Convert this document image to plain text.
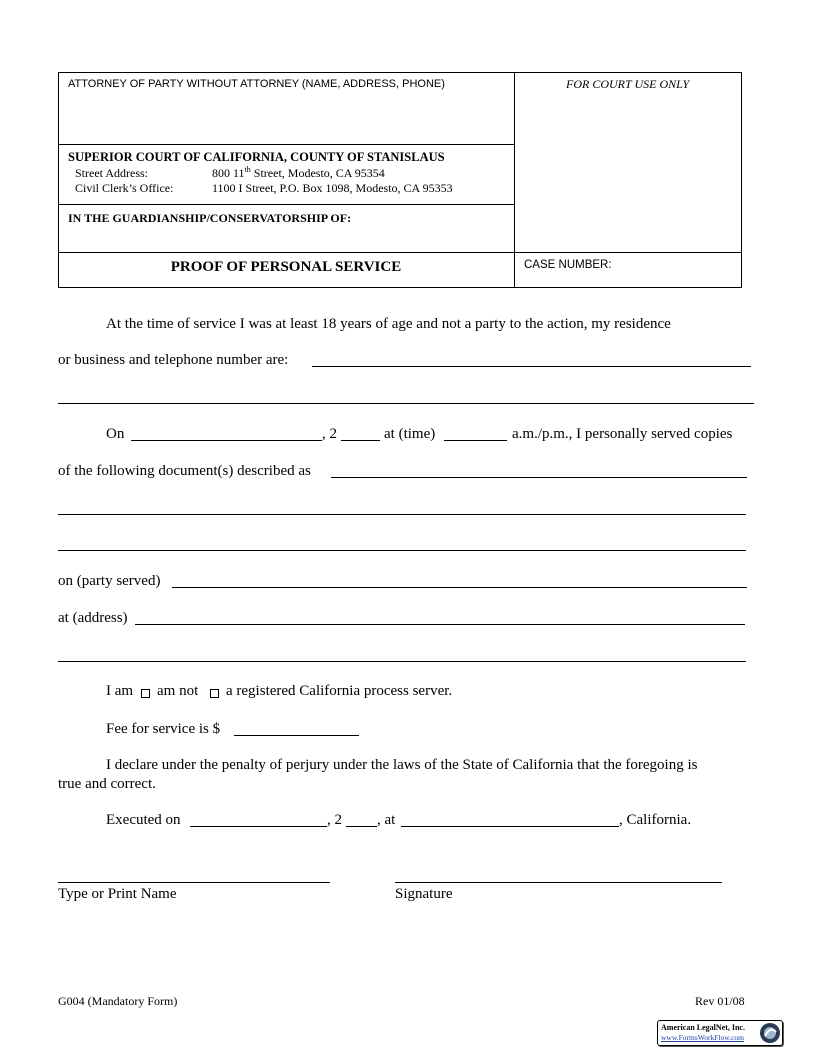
ATTORNEY OF PARTY WITHOUT ATTORNEY (NAME, ADDRESS, PHONE)	FOR COURT USE ONLY
SUPERIOR COURT OF CALIFORNIA, COUNTY OF STANISLAUS
Street Address:	800 11th Street, Modesto, CA 95354
Civil Clerk’s Office:	1100 I Street, P.O. Box 1098, Modesto, CA 95353
IN THE GUARDIANSHIP/CONSERVATORSHIP OF:
PROOF OF PERSONAL SERVICE	CASE NUMBER:
At the time of service I was at least 18 years of age and not a party to the action, my residence
or business and telephone number are:
On	, 2	at (time)	a.m./p.m., I personally served copies
of the following document(s) described as
on (party served)
at (address)
I am am not a registered California process server.
Fee for service is $
I declare under the penalty of perjury under the laws of the State of California that the foregoing is
true and correct.
Executed on	, 2 , at	, California.
Type or Print Name	Signature
G004 (Mandatory Form)	Rev 01/08
American LegalNet, Inc.
www.FormsWorkFlow.com
